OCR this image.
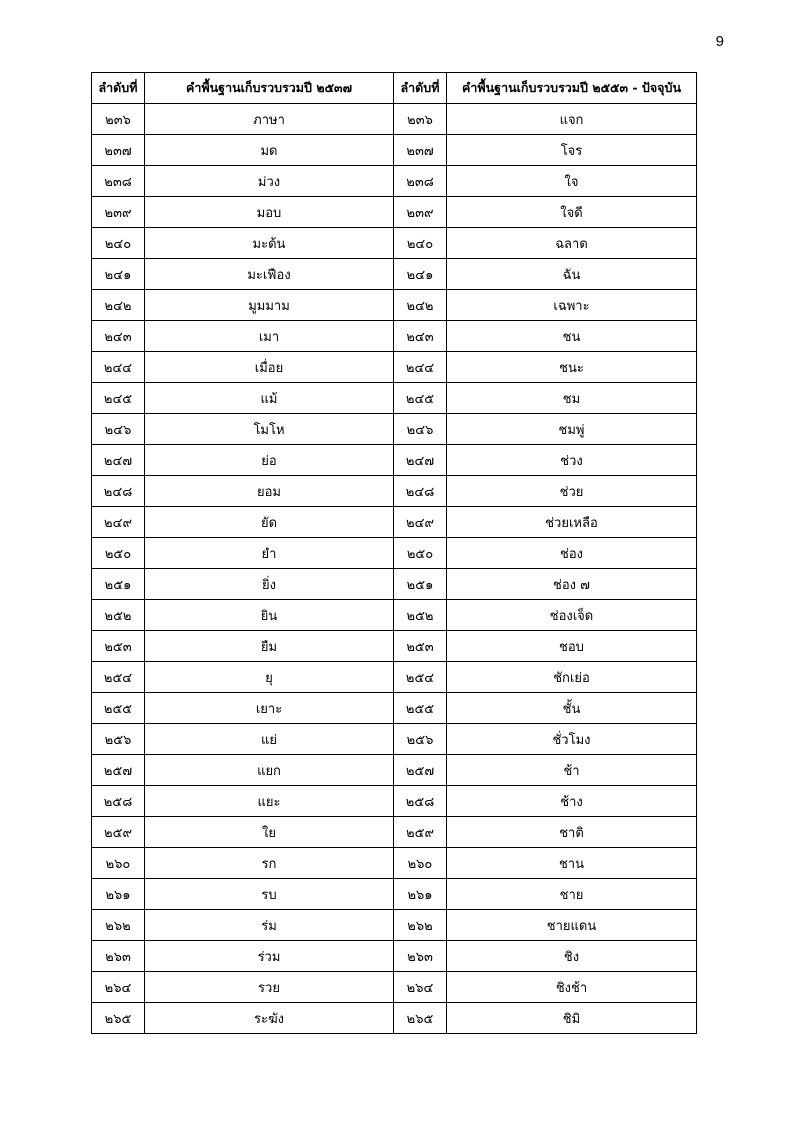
9
ลำดับที่	คำพื้นฐานเก็บรวบรวมปี ๒๕๓๗	ลำดับที่	คำพื้นฐานเก็บรวบรวมปี ๒๕๕๓ - ปัจจุบัน
๒๓๖	ภาษา	๒๓๖	แจก
๒๓๗	มด	๒๓๗	โจร
๒๓๘	ม่วง	๒๓๘	ใจ
๒๓๙	มอบ	๒๓๙	ใจดี
๒๔๐	มะด้น	๒๔๐	ฉลาด
๒๔๑	มะเฟือง	๒๔๑	ฉัน
๒๔๒	มูมมาม	๒๔๒	เฉพาะ
๒๔๓	เมา	๒๔๓	ชน
๒๔๔	เมื่อย	๒๔๔	ชนะ
๒๔๕	แม้	๒๔๕	ชม
๒๔๖	โมโห	๒๔๖	ชมพู่
๒๔๗	ย่อ	๒๔๗	ช่วง
๒๔๘	ยอม	๒๔๘	ช่วย
๒๔๙	ยัด	๒๔๙	ช่วยเหลือ
๒๕๐	ยำ	๒๕๐	ช่อง
๒๕๑	ยิ่ง	๒๕๑	ช่อง ๗
๒๕๒	ยิน	๒๕๒	ช่องเจ็ด
๒๕๓	ยืม	๒๕๓	ชอบ
๒๕๔	ยุ	๒๕๔	ชักเย่อ
๒๕๕	เยาะ	๒๕๕	ชั้น
๒๕๖	แย่	๒๕๖	ชั่วโมง
๒๕๗	แยก	๒๕๗	ช้า
๒๕๘	แยะ	๒๕๘	ช้าง
๒๕๙	ใย	๒๕๙	ชาติ
๒๖๐	รก	๒๖๐	ชาน
๒๖๑	รบ	๒๖๑	ชาย
๒๖๒	ร่ม	๒๖๒	ชายแดน
๒๖๓	ร่วม	๒๖๓	ชิง
๒๖๔	รวย	๒๖๔	ชิงช้า
๒๖๕	ระฆัง	๒๖๕	ชิมิ
